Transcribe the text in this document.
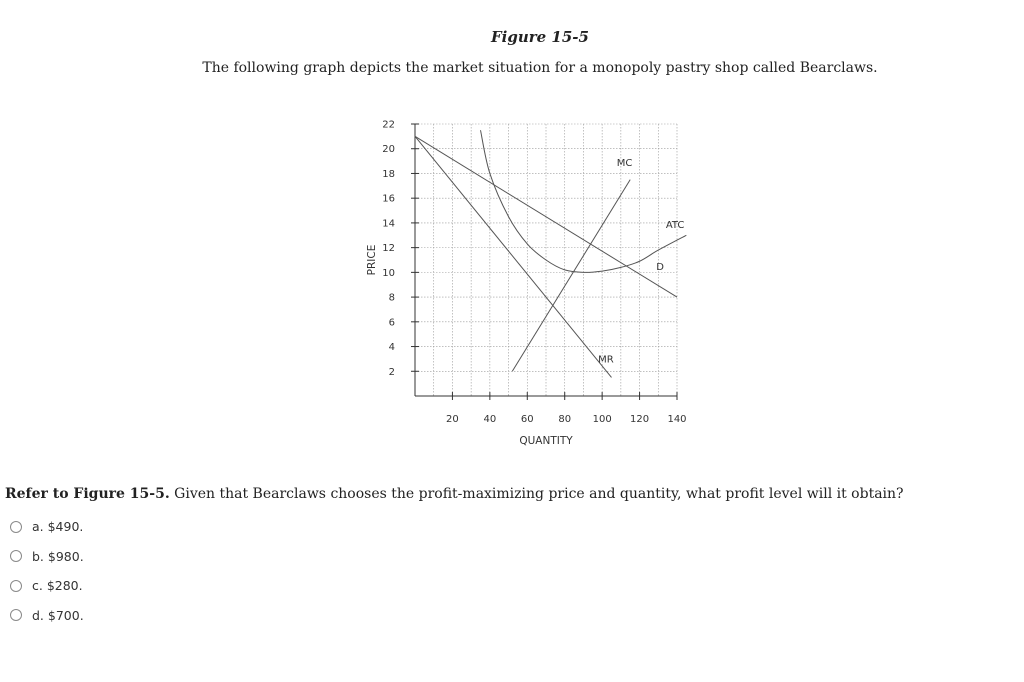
Figure 15-5
The following graph depicts the market situation for a monopoly pastry shop called Bearclaws.
2
4
6
8
10
12
14
16
18
20
22
20 40 60 80 100 120 140
QUANTITY
PRICE
MC
ATC
D
MR
Refer to Figure 15-5. Given that Bearclaws chooses the profit-maximizing price and quantity, what profit level will it obtain?
a. $490.
b. $980.
c. $280.
d. $700.
